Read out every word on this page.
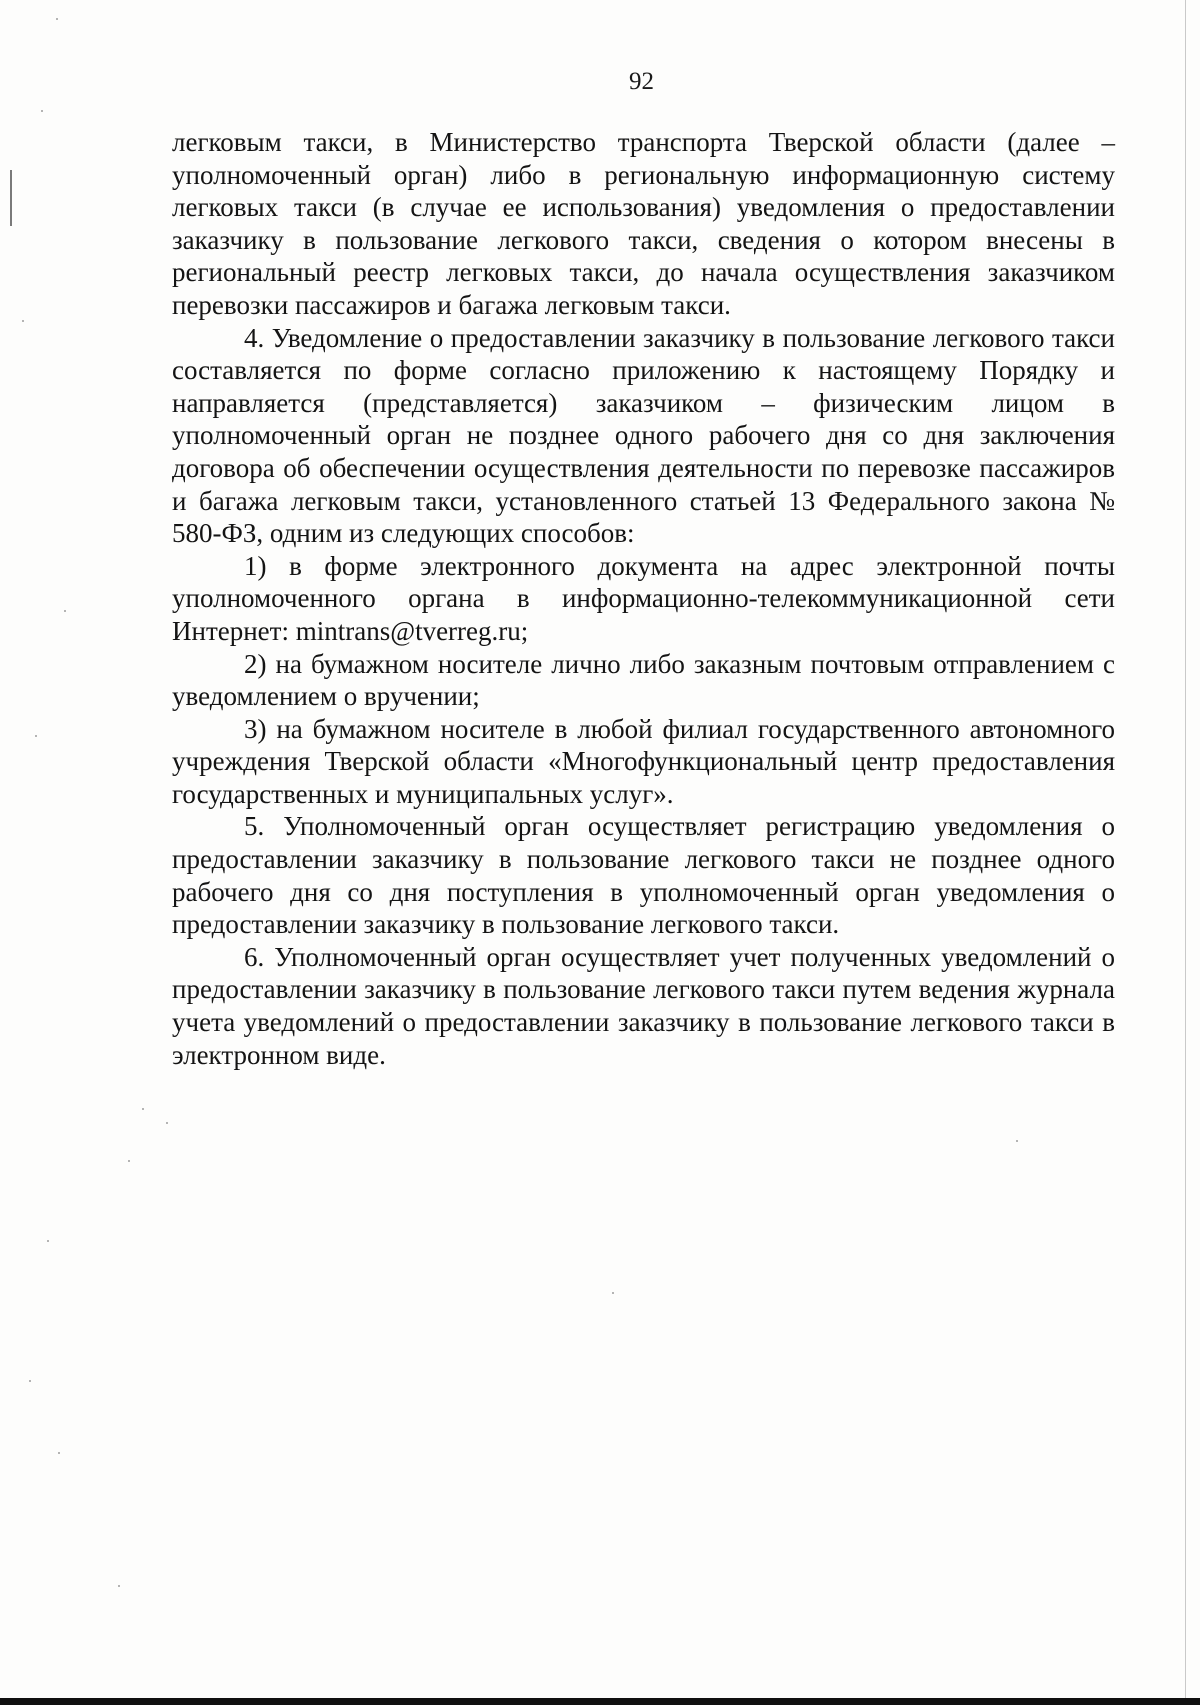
92

легковым такси, в Министерство транспорта Тверской области (далее – уполномоченный орган) либо в региональную информационную систему легковых такси (в случае ее использования) уведомления о предоставлении заказчику в пользование легкового такси, сведения о котором внесены в региональный реестр легковых такси, до начала осуществления заказчиком перевозки пассажиров и багажа легковым такси.

4. Уведомление о предоставлении заказчику в пользование легкового такси составляется по форме согласно приложению к настоящему Порядку и направляется (представляется) заказчиком – физическим лицом в уполномоченный орган не позднее одного рабочего дня со дня заключения договора об обеспечении осуществления деятельности по перевозке пассажиров и багажа легковым такси, установленного статьей 13 Федерального закона № 580-ФЗ, одним из следующих способов:

1) в форме электронного документа на адрес электронной почты уполномоченного органа в информационно-телекоммуникационной сети Интернет: mintrans@tverreg.ru;

2) на бумажном носителе лично либо заказным почтовым отправлением с уведомлением о вручении;

3) на бумажном носителе в любой филиал государственного автономного учреждения Тверской области «Многофункциональный центр предоставления государственных и муниципальных услуг».

5. Уполномоченный орган осуществляет регистрацию уведомления о предоставлении заказчику в пользование легкового такси не позднее одного рабочего дня со дня поступления в уполномоченный орган уведомления о предоставлении заказчику в пользование легкового такси.

6. Уполномоченный орган осуществляет учет полученных уведомлений о предоставлении заказчику в пользование легкового такси путем ведения журнала учета уведомлений о предоставлении заказчику в пользование легкового такси в электронном виде.
